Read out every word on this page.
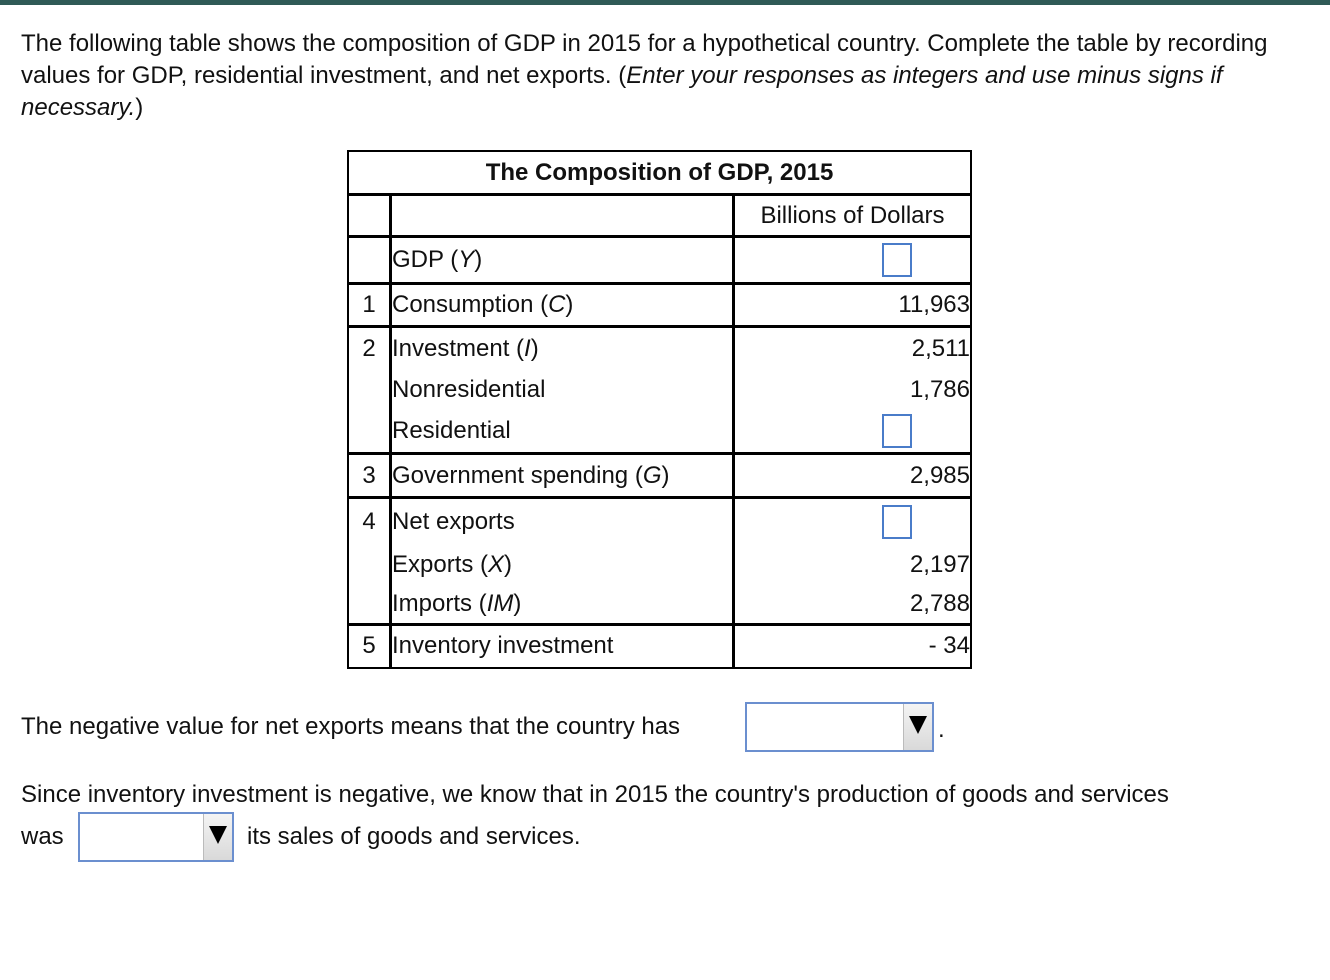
The following table shows the composition of GDP in 2015 for a hypothetical country. Complete the table by recording values for GDP, residential investment, and net exports. (Enter your responses as integers and use minus signs if necessary.)
The Composition of GDP, 2015		
		Billions of Dollars
	GDP (Y)	
1	Consumption (C)	11,963
2	Investment (I)	2,511
	Nonresidential	1,786
	Residential	
3	Government spending (G)	2,985
4	Net exports	
	Exports (X)	2,197
	Imports (IM)	2,788
5	Inventory investment	- 34
The negative value for net exports means that the country has	.
Since inventory investment is negative, we know that in 2015 the country's production of goods and services
was	its sales of goods and services.
